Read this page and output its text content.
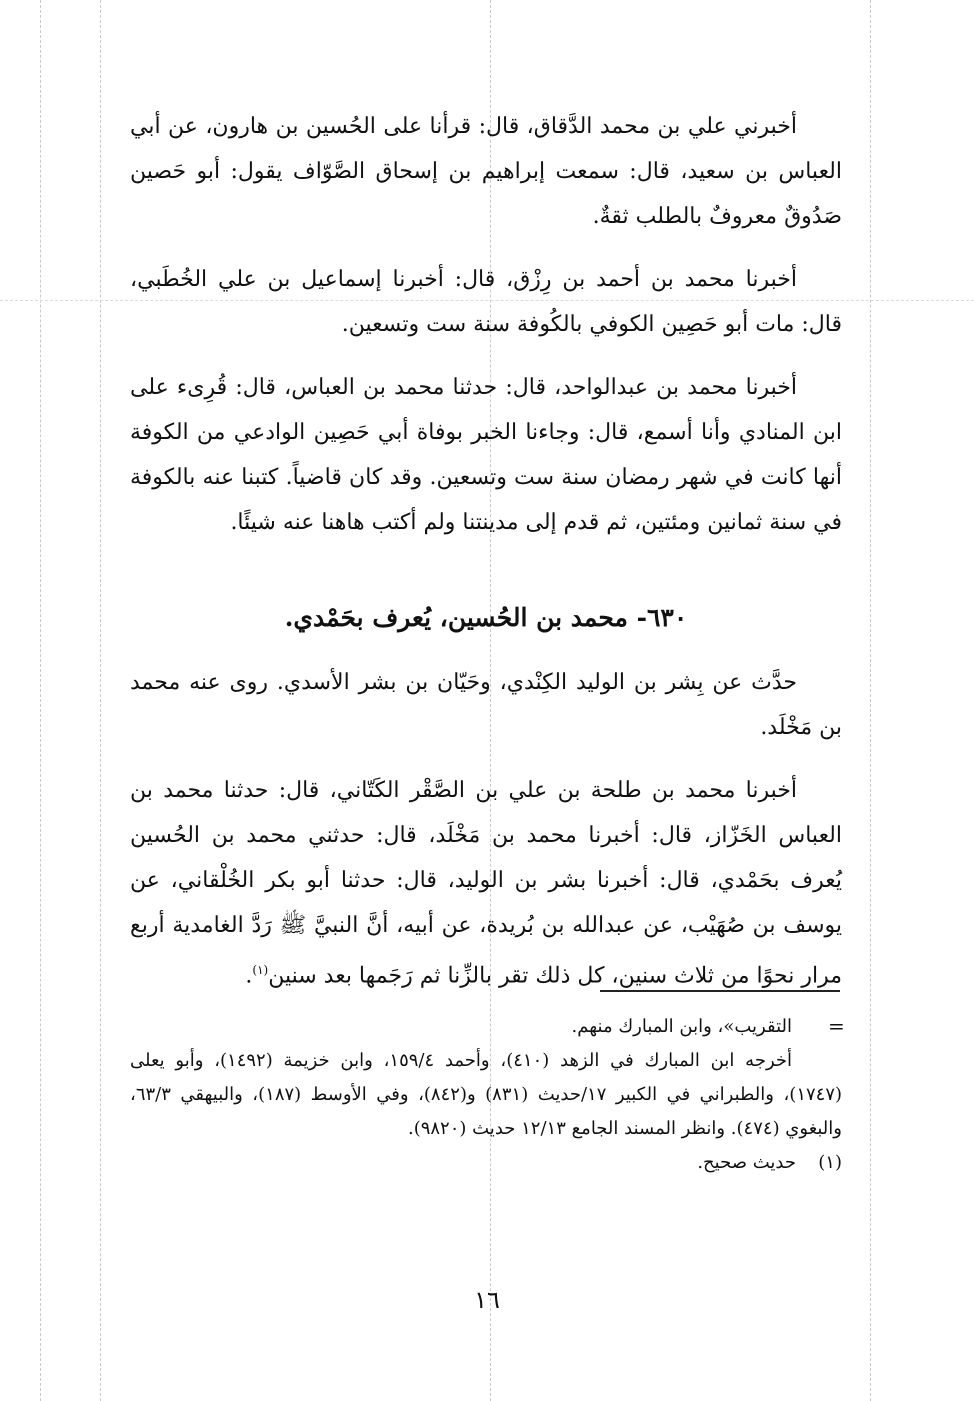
أخبرني علي بن محمد الدَّقاق، قال: قرأنا على الحُسين بن هارون، عن أبي العباس بن سعيد، قال: سمعت إبراهيم بن إسحاق الصَّوّاف يقول: أبو حَصين صَدُوقٌ معروفٌ بالطلب ثقةٌ.

أخبرنا محمد بن أحمد بن رِزْق، قال: أخبرنا إسماعيل بن علي الخُطَبي، قال: مات أبو حَصِين الكوفي بالكُوفة سنة ست وتسعين.

أخبرنا محمد بن عبدالواحد، قال: حدثنا محمد بن العباس، قال: قُرِىء على ابن المنادي وأنا أسمع، قال: وجاءنا الخبر بوفاة أبي حَصِين الوادعي من الكوفة أنها كانت في شهر رمضان سنة ست وتسعين. وقد كان قاضياً. كتبنا عنه بالكوفة في سنة ثمانين ومئتين، ثم قدم إلى مدينتنا ولم أكتب هاهنا عنه شيئًا.

٦٣٠- محمد بن الحُسين، يُعرف بحَمْدي.

حدَّث عن بِشر بن الوليد الكِنْدي، وحَيّان بن بشر الأسدي. روى عنه محمد بن مَخْلَد.

أخبرنا محمد بن طلحة بن علي بن الصَّقْر الكَتّاني، قال: حدثنا محمد بن العباس الخَزّاز، قال: أخبرنا محمد بن مَخْلَد، قال: حدثني محمد بن الحُسين يُعرف بحَمْدي، قال: أخبرنا بشر بن الوليد، قال: حدثنا أبو بكر الخُلْقاني، عن يوسف بن صُهَيْب، عن عبدالله بن بُريدة، عن أبيه، أنَّ النبيَّ ﷺ رَدَّ الغامدية أربع مرار نحوًا من ثلاث سنين، كل ذلك تقر بالزِّنا ثم رَجَمها بعد سنين$^{(١)}$.

=

التقريب»، وابن المبارك منهم.

أخرجه ابن المبارك في الزهد (٤١٠)، وأحمد ١٥٩/٤، وابن خزيمة (١٤٩٢)، وأبو يعلى (١٧٤٧)، والطبراني في الكبير ١٧/حديث (٨٣١) و(٨٤٢)، وفي الأوسط (١٨٧)، والبيهقي ٦٣/٣، والبغوي (٤٧٤). وانظر المسند الجامع ١٢/١٣ حديث (٩٨٢٠).

(١)حديث صحيح.

١٦
